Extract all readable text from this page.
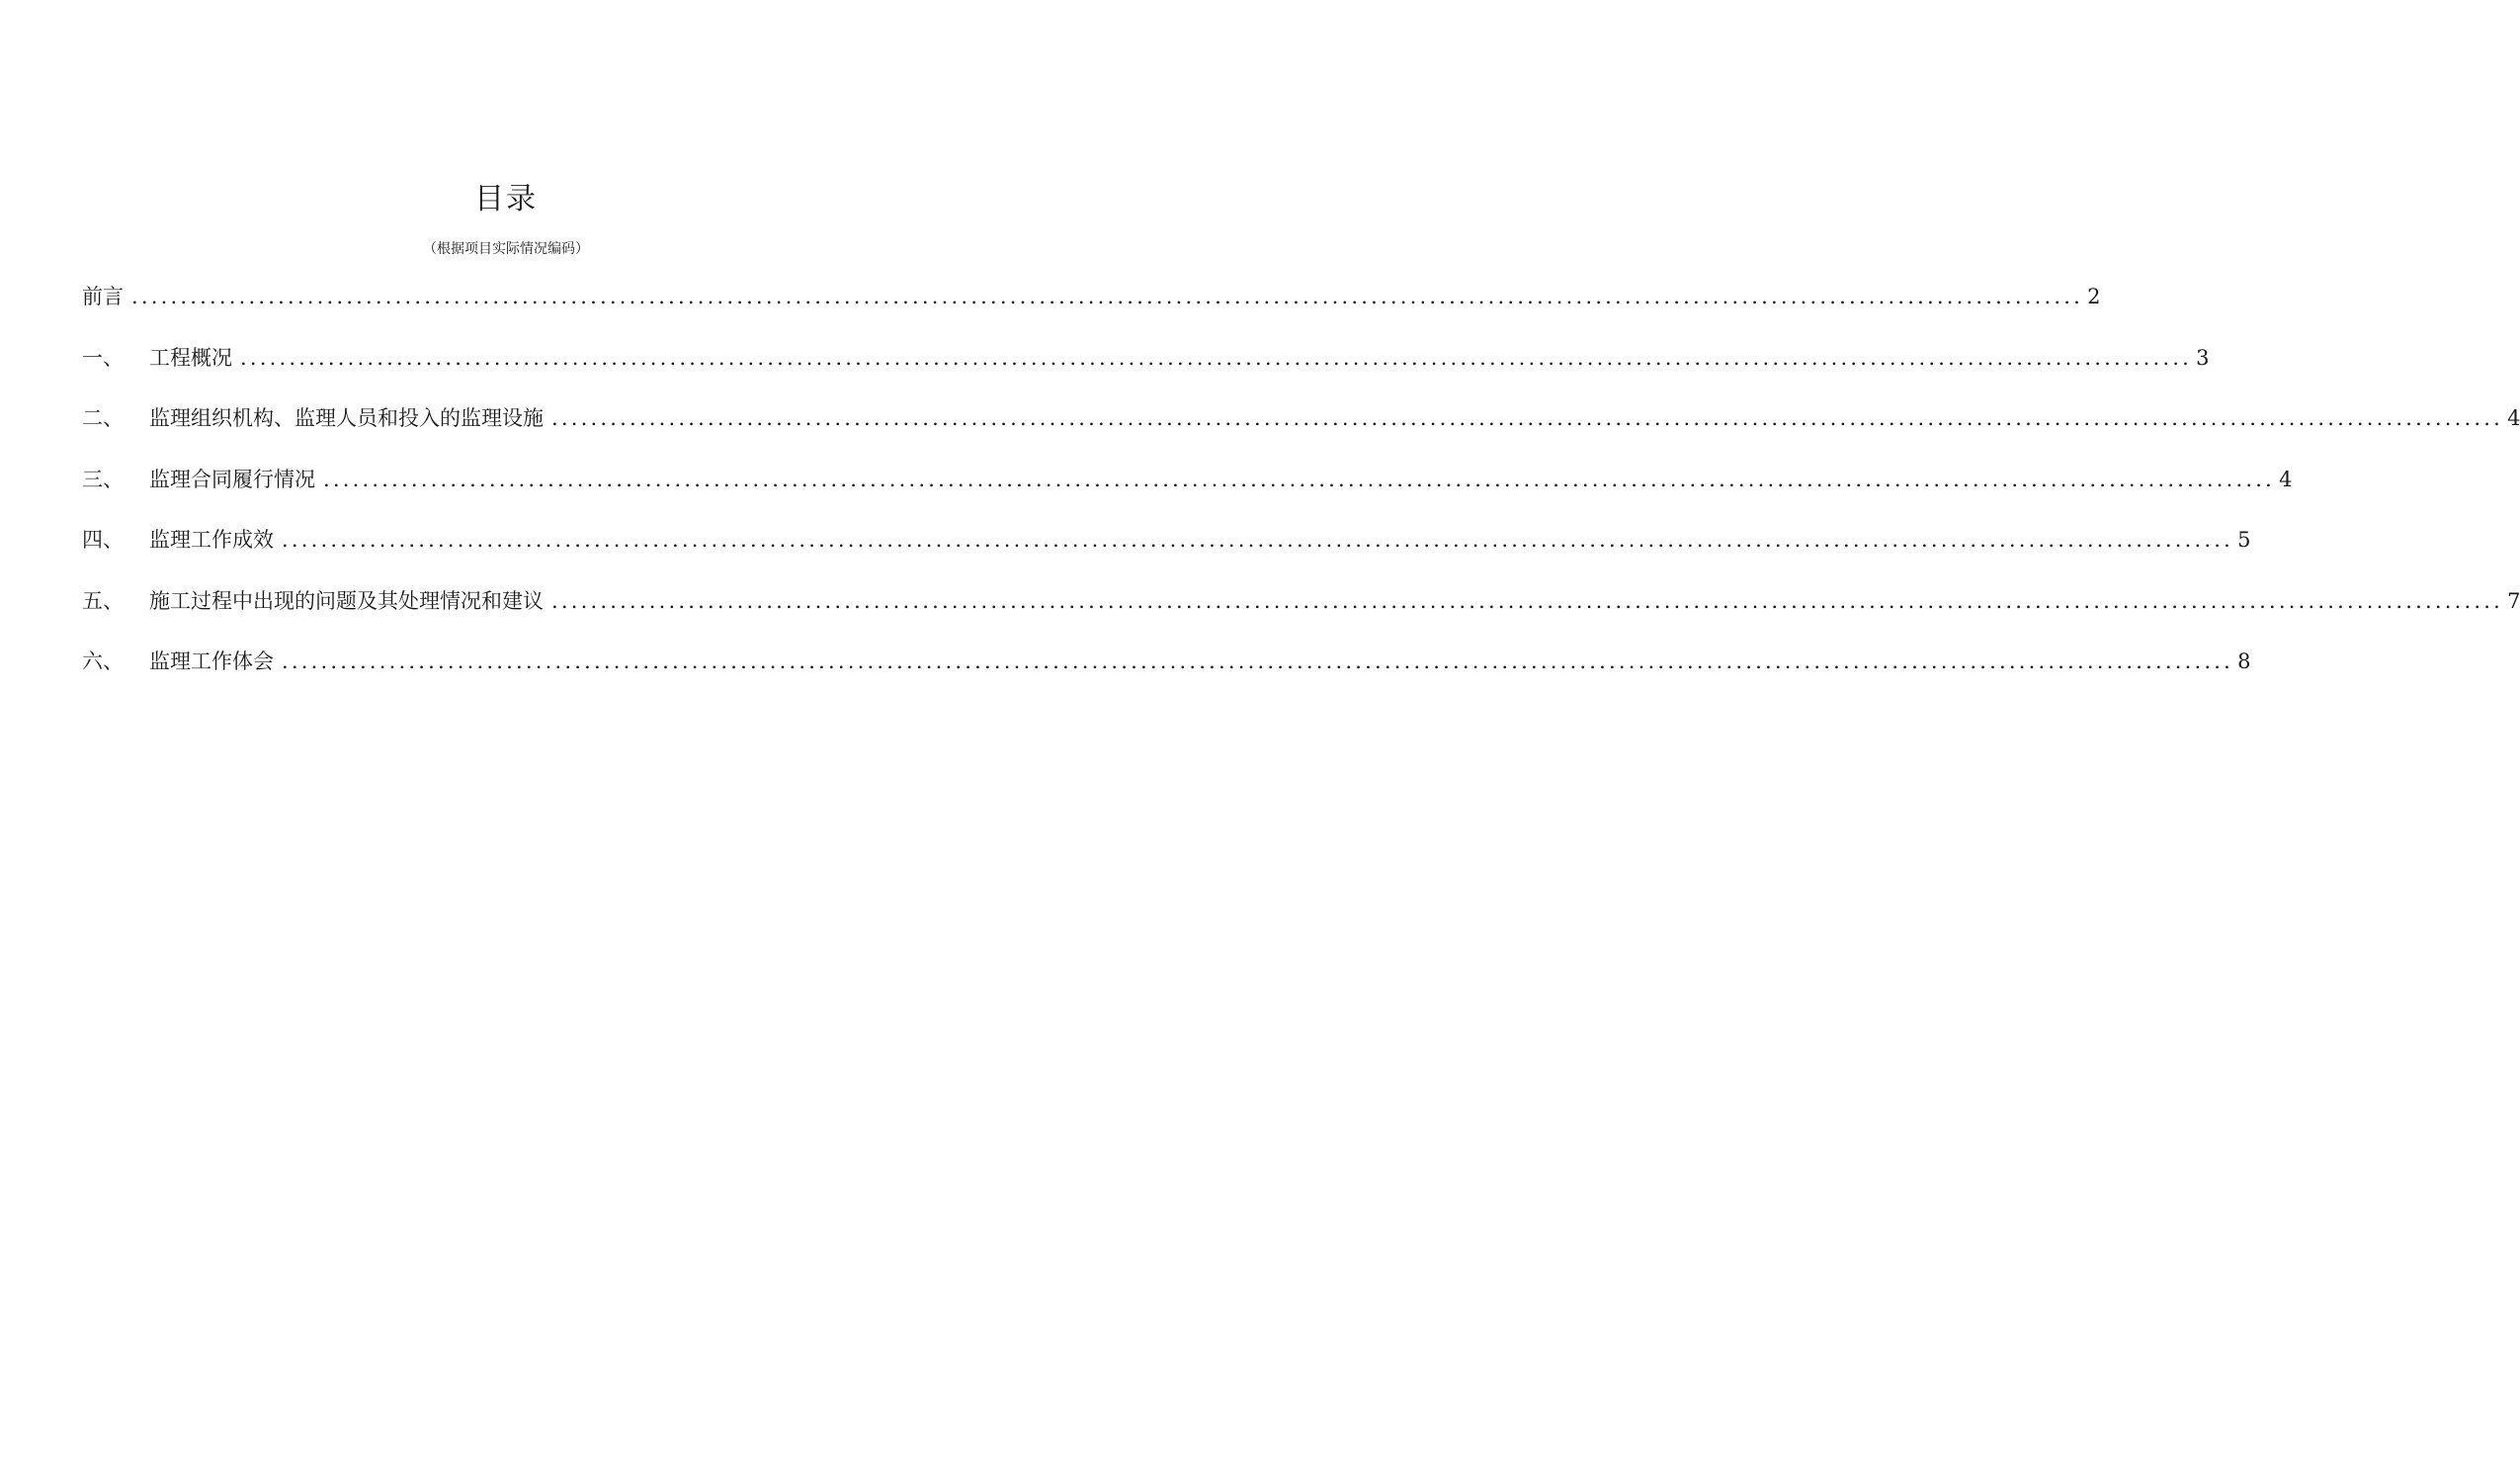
目录
（根据项目实际情况编码）
前言 ........................................................................................................................................................................................................ 2
一、	工程概况 ........................................................................................................................................................................................................ 3
二、	监理组织机构、监理人员和投入的监理设施 ........................................................................................................................................................................................................ 4
三、	监理合同履行情况 ........................................................................................................................................................................................................ 4
四、	监理工作成效 ........................................................................................................................................................................................................ 5
五、	施工过程中出现的问题及其处理情况和建议 ........................................................................................................................................................................................................ 7
六、	监理工作体会 ........................................................................................................................................................................................................ 8
